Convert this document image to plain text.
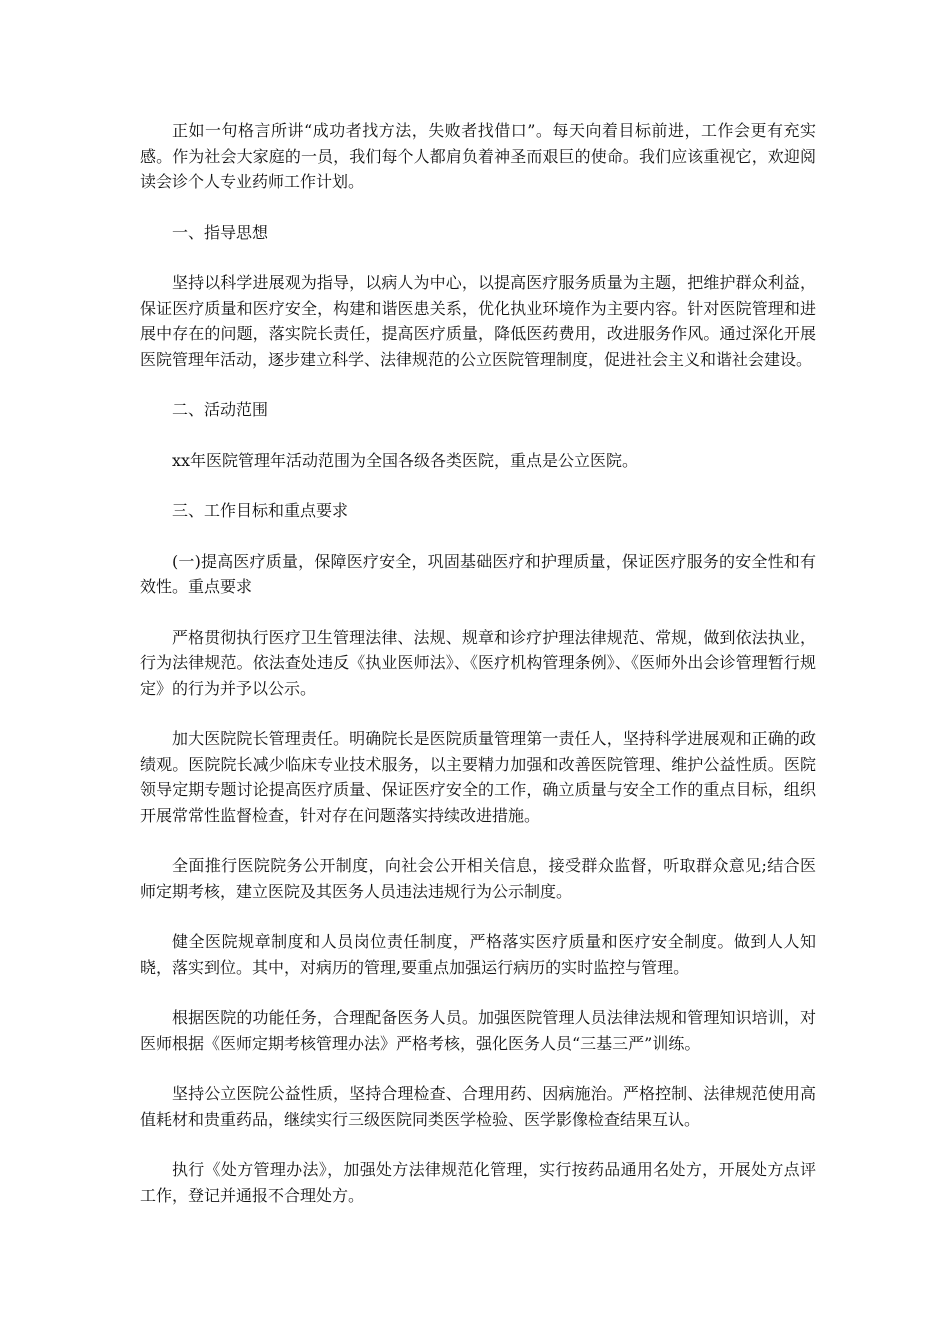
正如一句格言所讲“成功者找方法，失败者找借口”。每天向着目标前进，工作会更有充实感。作为社会大家庭的一员，我们每个人都肩负着神圣而艰巨的使命。我们应该重视它，欢迎阅读会诊个人专业药师工作计划。

一、指导思想

坚持以科学进展观为指导，以病人为中心，以提高医疗服务质量为主题，把维护群众利益，保证医疗质量和医疗安全，构建和谐医患关系，优化执业环境作为主要内容。针对医院管理和进展中存在的问题，落实院长责任，提高医疗质量，降低医药费用，改进服务作风。通过深化开展医院管理年活动，逐步建立科学、法律规范的公立医院管理制度，促进社会主义和谐社会建设。

二、活动范围

xx年医院管理年活动范围为全国各级各类医院，重点是公立医院。

三、工作目标和重点要求

(一)提高医疗质量，保障医疗安全，巩固基础医疗和护理质量，保证医疗服务的安全性和有效性。重点要求

严格贯彻执行医疗卫生管理法律、法规、规章和诊疗护理法律规范、常规，做到依法执业，行为法律规范。依法查处违反《执业医师法》、《医疗机构管理条例》、《医师外出会诊管理暂行规定》的行为并予以公示。

加大医院院长管理责任。明确院长是医院质量管理第一责任人，坚持科学进展观和正确的政绩观。医院院长减少临床专业技术服务，以主要精力加强和改善医院管理、维护公益性质。医院领导定期专题讨论提高医疗质量、保证医疗安全的工作，确立质量与安全工作的重点目标，组织开展常常性监督检查，针对存在问题落实持续改进措施。

全面推行医院院务公开制度，向社会公开相关信息，接受群众监督，听取群众意见;结合医师定期考核，建立医院及其医务人员违法违规行为公示制度。

健全医院规章制度和人员岗位责任制度，严格落实医疗质量和医疗安全制度。做到人人知晓，落实到位。其中，对病历的管理,要重点加强运行病历的实时监控与管理。

根据医院的功能任务，合理配备医务人员。加强医院管理人员法律法规和管理知识培训，对医师根据《医师定期考核管理办法》严格考核，强化医务人员“三基三严”训练。

坚持公立医院公益性质，坚持合理检查、合理用药、因病施治。严格控制、法律规范使用高值耗材和贵重药品，继续实行三级医院同类医学检验、医学影像检查结果互认。

执行《处方管理办法》，加强处方法律规范化管理，实行按药品通用名处方，开展处方点评工作，登记并通报不合理处方。
